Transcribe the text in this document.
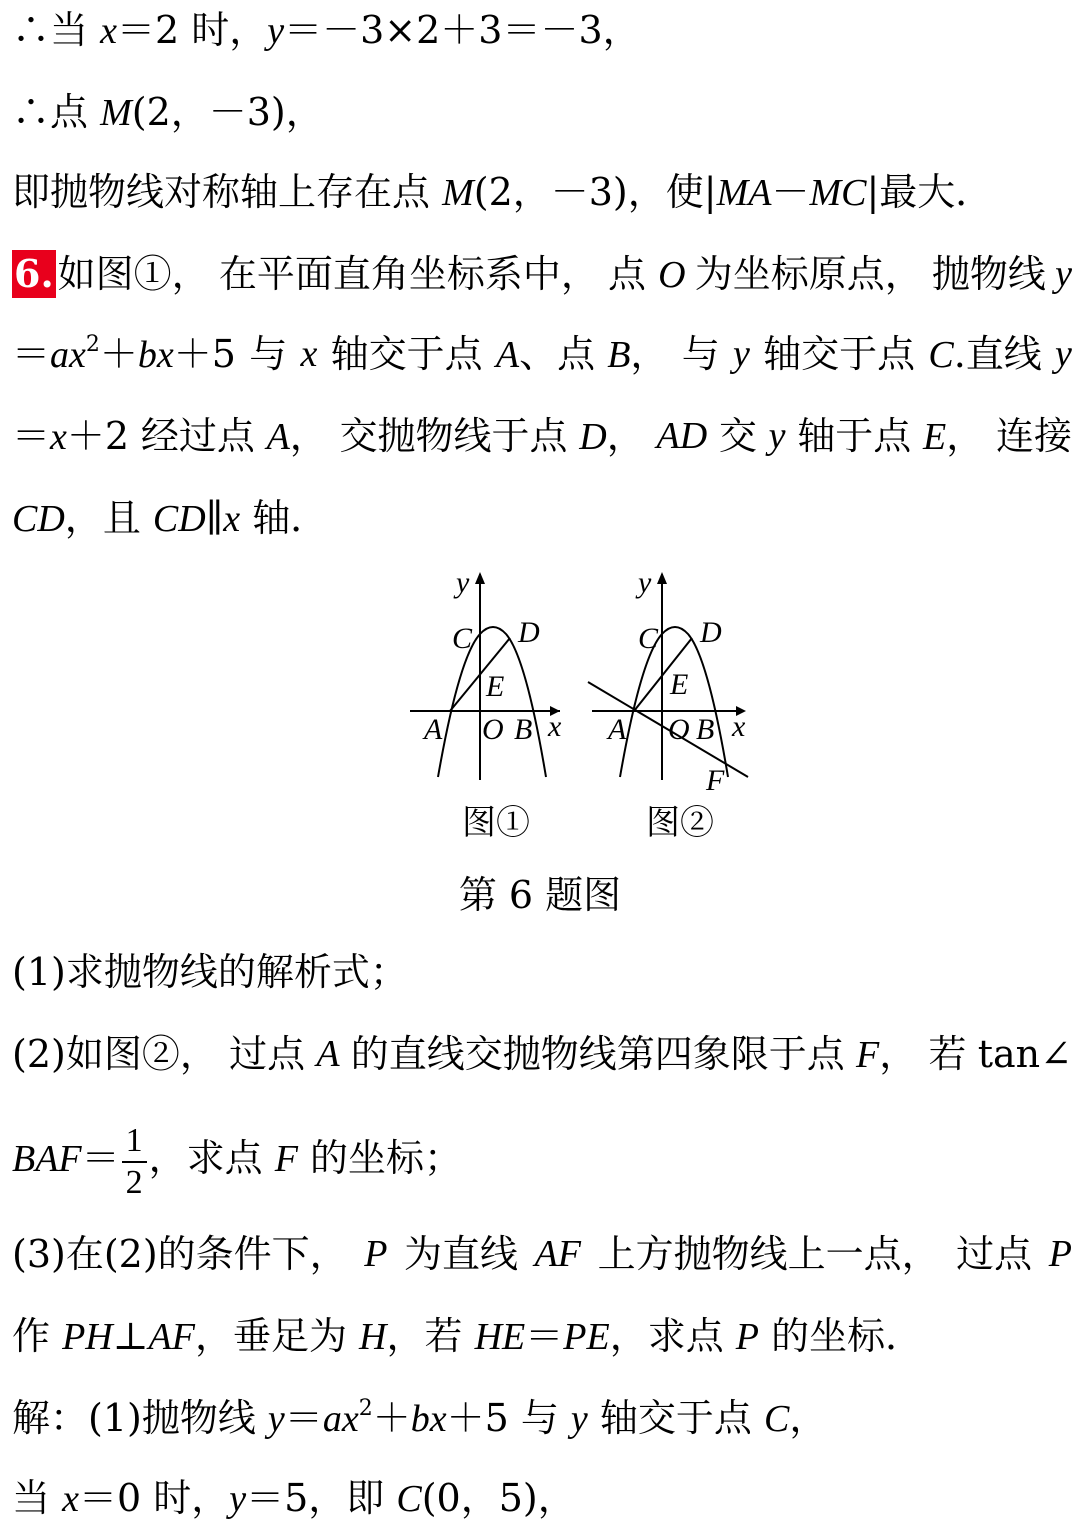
∴当 x＝2 时，y＝－3×2＋3＝－3，
∴点 M(2，－3)，
即抛物线对称轴上存在点 M(2，－3)，使|MA－MC|最大．
6. 如图①， 在平面直角坐标系中， 点 O 为坐标原点， 抛物线 y
$=ax^2+bx+5$ 与 x 轴交于点 A、点 B， 与 y 轴交于点 C.直线 y
＝x＋2 经过点 A， 交抛物线于点 D， AD 交 y 轴于点 E， 连接
CD，且 CD∥x 轴．
y
C D
E
A O B x
图①
y
C D
E
A O B x
F
图②
第 6 题图
(1)求抛物线的解析式；
(2)如图②， 过点 A 的直线交抛物线第四象限于点 F， 若 tan∠
$BAF= \frac{1}{2}$ ，求点 F 的坐标；
(3)在(2)的条件下， P 为直线 AF 上方抛物线上一点， 过点 P
作 PH⊥AF，垂足为 H，若 HE＝PE，求点 P 的坐标．
解：(1)抛物线 $y=ax^2+bx+5$ 与 y 轴交于点 C，
当 x＝0 时，y＝5，即 C(0，5)，
